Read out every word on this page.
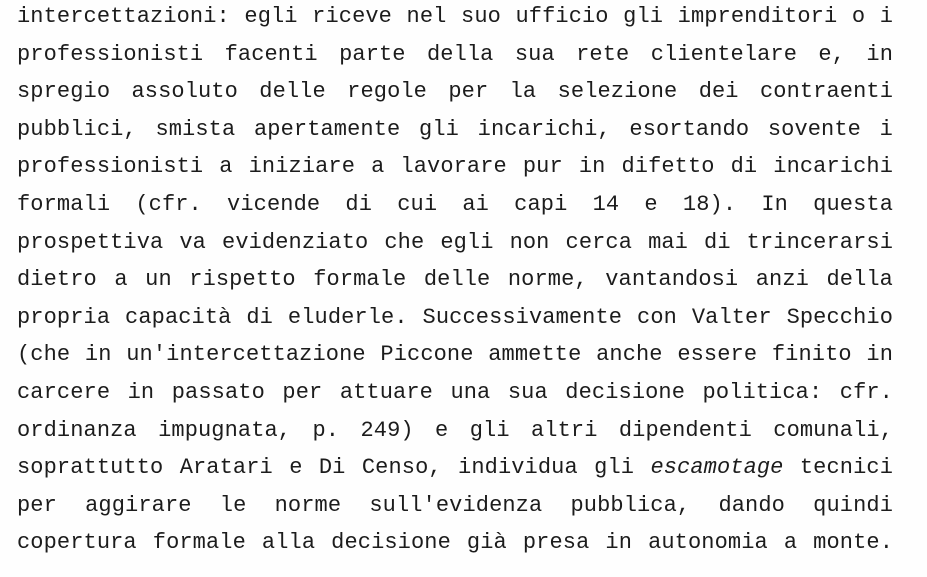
intercettazioni: egli riceve nel suo ufficio gli imprenditori o i
professionisti facenti parte della sua rete clientelare e, in
spregio assoluto delle regole per la selezione dei contraenti
pubblici, smista apertamente gli incarichi, esortando sovente i
professionisti a iniziare a lavorare pur in difetto di incarichi
formali (cfr. vicende di cui ai capi 14 e 18). In questa
prospettiva va evidenziato che egli non cerca mai di trincerarsi
dietro a un rispetto formale delle norme, vantandosi anzi della
propria capacità di eluderle. Successivamente con Valter Specchio
(che in un'intercettazione Piccone ammette anche essere finito in
carcere in passato per attuare una sua decisione politica: cfr.
ordinanza impugnata, p. 249) e gli altri dipendenti comunali,
soprattutto Aratari e Di Censo, individua gli escamotage tecnici
per aggirare le norme sull'evidenza pubblica, dando quindi
copertura formale alla decisione già presa in autonomia a monte.
